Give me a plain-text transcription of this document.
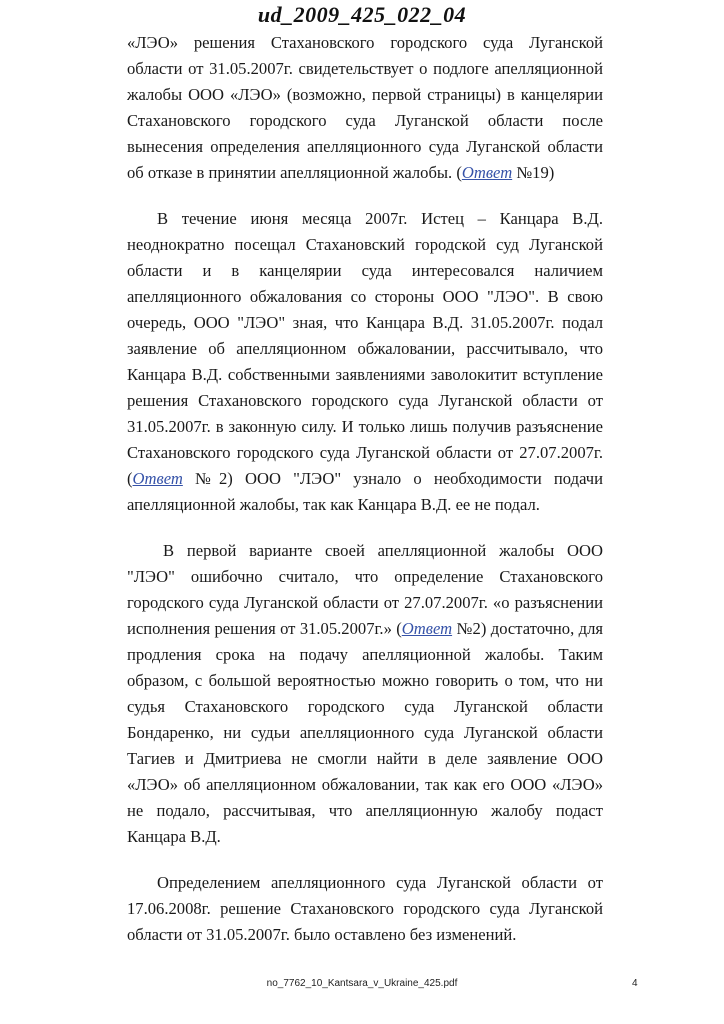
ud_2009_425_022_04

«ЛЭО» решения Стахановского городского суда Луганской области от 31.05.2007г. свидетельствует о подлоге апелляционной жалобы ООО «ЛЭО» (возможно, первой страницы) в канцелярии Стахановского городского суда Луганской области после вынесения определения апелляционного суда Луганской области об отказе в принятии апелляционной жалобы. (Ответ №19)

В течение июня месяца 2007г. Истец – Канцара В.Д. неоднократно посещал Стахановский городской суд Луганской области и в канцелярии суда интересовался наличием апелляционного обжалования со стороны ООО "ЛЭО". В свою очередь, ООО "ЛЭО" зная, что Канцара В.Д. 31.05.2007г. подал заявление об апелляционном обжаловании, рассчитывало, что Канцара В.Д. собственными заявлениями заволокитит вступление решения Стахановского городского суда Луганской области от 31.05.2007г. в законную силу. И только лишь получив разъяснение Стахановского городского суда Луганской области от 27.07.2007г. (Ответ №2) ООО "ЛЭО" узнало о необходимости подачи апелляционной жалобы, так как Канцара В.Д. ее не подал.

В первой варианте своей апелляционной жалобы ООО "ЛЭО" ошибочно считало, что определение Стахановского городского суда Луганской области от 27.07.2007г. «о разъяснении исполнения решения от 31.05.2007г.» (Ответ №2) достаточно, для продления срока на подачу апелляционной жалобы. Таким образом, с большой вероятностью можно говорить о том, что ни судья Стахановского городского суда Луганской области Бондаренко, ни судьи апелляционного суда Луганской области Тагиев и Дмитриева не смогли найти в деле заявление ООО «ЛЭО» об апелляционном обжаловании, так как его ООО «ЛЭО» не подало, рассчитывая, что апелляционную жалобу подаст Канцара В.Д.

Определением апелляционного суда Луганской области от 17.06.2008г. решение Стахановского городского суда Луганской области от 31.05.2007г. было оставлено без изменений.

no_7762_10_Kantsara_v_Ukraine_425.pdf	4
